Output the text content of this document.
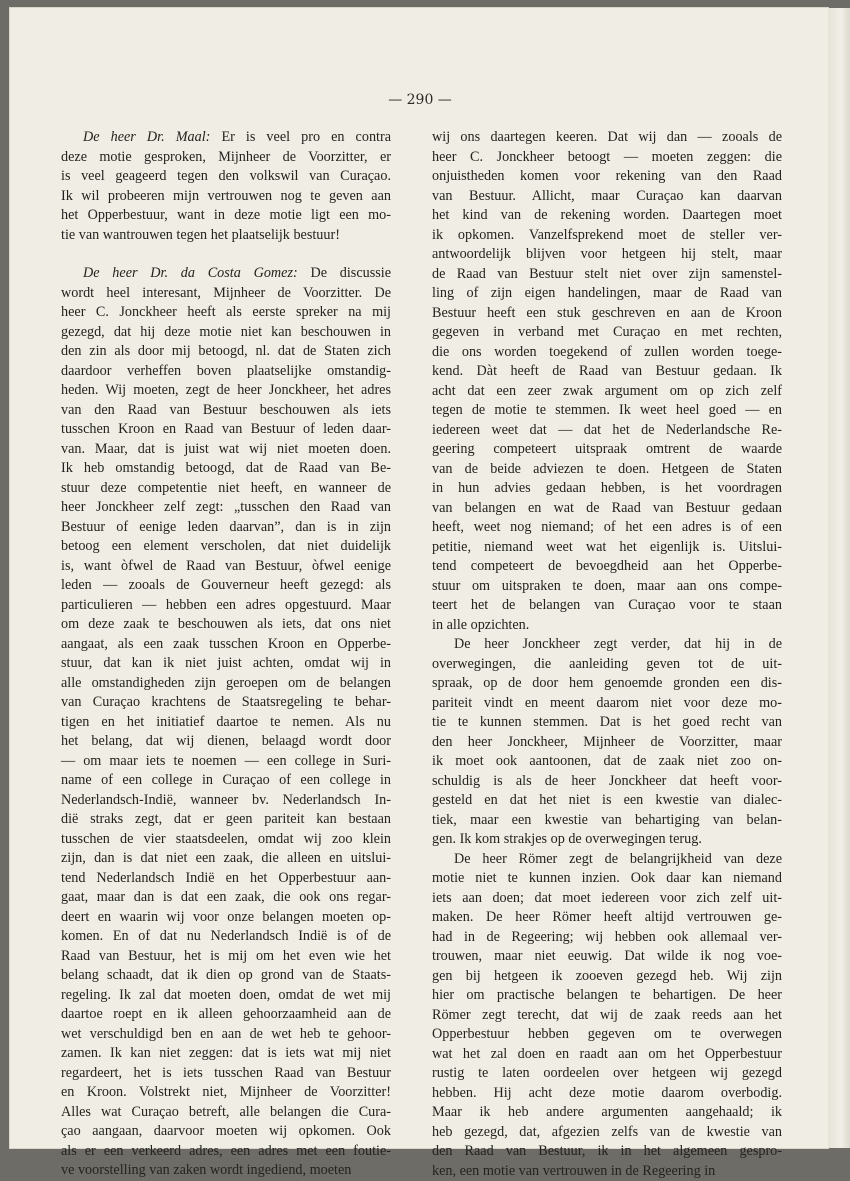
— 290 —

De heer Dr. Maal: Er is veel pro en contra
deze motie gesproken, Mijnheer de Voorzitter, er
is veel geageerd tegen den volkswil van Curaçao.
Ik wil probeeren mijn vertrouwen nog te geven aan
het Opperbestuur, want in deze motie ligt een mo-
tie van wantrouwen tegen het plaatselijk bestuur!

De heer Dr. da Costa Gomez: De discussie
wordt heel interesant, Mijnheer de Voorzitter. De
heer C. Jonckheer heeft als eerste spreker na mij
gezegd, dat hij deze motie niet kan beschouwen in
den zin als door mij betoogd, nl. dat de Staten zich
daardoor verheffen boven plaatselijke omstandig-
heden. Wij moeten, zegt de heer Jonckheer, het adres
van den Raad van Bestuur beschouwen als iets
tusschen Kroon en Raad van Bestuur of leden daar-
van. Maar, dat is juist wat wij niet moeten doen.
Ik heb omstandig betoogd, dat de Raad van Be-
stuur deze competentie niet heeft, en wanneer de
heer Jonckheer zelf zegt: „tusschen den Raad van
Bestuur of eenige leden daarvan”, dan is in zijn
betoog een element verscholen, dat niet duidelijk
is, want òfwel de Raad van Bestuur, òfwel eenige
leden — zooals de Gouverneur heeft gezegd: als
particulieren — hebben een adres opgestuurd. Maar
om deze zaak te beschouwen als iets, dat ons niet
aangaat, als een zaak tusschen Kroon en Opperbe-
stuur, dat kan ik niet juist achten, omdat wij in
alle omstandigheden zijn geroepen om de belangen
van Curaçao krachtens de Staatsregeling te behar-
tigen en het initiatief daartoe te nemen. Als nu
het belang, dat wij dienen, belaagd wordt door
— om maar iets te noemen — een college in Suri-
name of een college in Curaçao of een college in
Nederlandsch-Indië, wanneer bv. Nederlandsch In-
dië straks zegt, dat er geen pariteit kan bestaan
tusschen de vier staatsdeelen, omdat wij zoo klein
zijn, dan is dat niet een zaak, die alleen en uitslui-
tend Nederlandsch Indië en het Opperbestuur aan-
gaat, maar dan is dat een zaak, die ook ons regar-
deert en waarin wij voor onze belangen moeten op-
komen. En of dat nu Nederlandsch Indië is of de
Raad van Bestuur, het is mij om het even wie het
belang schaadt, dat ik dien op grond van de Staats-
regeling. Ik zal dat moeten doen, omdat de wet mij
daartoe roept en ik alleen gehoorzaamheid aan de
wet verschuldigd ben en aan de wet heb te gehoor-
zamen. Ik kan niet zeggen: dat is iets wat mij niet
regardeert, het is iets tusschen Raad van Bestuur
en Kroon. Volstrekt niet, Mijnheer de Voorzitter!
Alles wat Curaçao betreft, alle belangen die Cura-
çao aangaan, daarvoor moeten wij opkomen. Ook
als er een verkeerd adres, een adres met een foutie-
ve voorstelling van zaken wordt ingediend, moeten

wij ons daartegen keeren. Dat wij dan — zooals de
heer C. Jonckheer betoogt — moeten zeggen: die
onjuistheden komen voor rekening van den Raad
van Bestuur. Allicht, maar Curaçao kan daarvan
het kind van de rekening worden. Daartegen moet
ik opkomen. Vanzelfsprekend moet de steller ver-
antwoordelijk blijven voor hetgeen hij stelt, maar
de Raad van Bestuur stelt niet over zijn samenstel-
ling of zijn eigen handelingen, maar de Raad van
Bestuur heeft een stuk geschreven en aan de Kroon
gegeven in verband met Curaçao en met rechten,
die ons worden toegekend of zullen worden toege-
kend. Dàt heeft de Raad van Bestuur gedaan. Ik
acht dat een zeer zwak argument om op zich zelf
tegen de motie te stemmen. Ik weet heel goed — en
iedereen weet dat — dat het de Nederlandsche Re-
geering competeert uitspraak omtrent de waarde
van de beide adviezen te doen. Hetgeen de Staten
in hun advies gedaan hebben, is het voordragen
van belangen en wat de Raad van Bestuur gedaan
heeft, weet nog niemand; of het een adres is of een
petitie, niemand weet wat het eigenlijk is. Uitslui-
tend competeert de bevoegdheid aan het Opperbe-
stuur om uitspraken te doen, maar aan ons compe-
teert het de belangen van Curaçao voor te staan
in alle opzichten.

De heer Jonckheer zegt verder, dat hij in de
overwegingen, die aanleiding geven tot de uit-
spraak, op de door hem genoemde gronden een dis-
pariteit vindt en meent daarom niet voor deze mo-
tie te kunnen stemmen. Dat is het goed recht van
den heer Jonckheer, Mijnheer de Voorzitter, maar
ik moet ook aantoonen, dat de zaak niet zoo on-
schuldig is als de heer Jonckheer dat heeft voor-
gesteld en dat het niet is een kwestie van dialec-
tiek, maar een kwestie van behartiging van belan-
gen. Ik kom strakjes op de overwegingen terug.

De heer Römer zegt de belangrijkheid van deze
motie niet te kunnen inzien. Ook daar kan niemand
iets aan doen; dat moet iedereen voor zich zelf uit-
maken. De heer Römer heeft altijd vertrouwen ge-
had in de Regeering; wij hebben ook allemaal ver-
trouwen, maar niet eeuwig. Dat wilde ik nog voe-
gen bij hetgeen ik zooeven gezegd heb. Wij zijn
hier om practische belangen te behartigen. De heer
Römer zegt terecht, dat wij de zaak reeds aan het
Opperbestuur hebben gegeven om te overwegen
wat het zal doen en raadt aan om het Opperbestuur
rustig te laten oordeelen over hetgeen wij gezegd
hebben. Hij acht deze motie daarom overbodig.
Maar ik heb andere argumenten aangehaald; ik
heb gezegd, dat, afgezien zelfs van de kwestie van
den Raad van Bestuur, ik in het algemeen gespro-
ken, een motie van vertrouwen in de Regeering in
